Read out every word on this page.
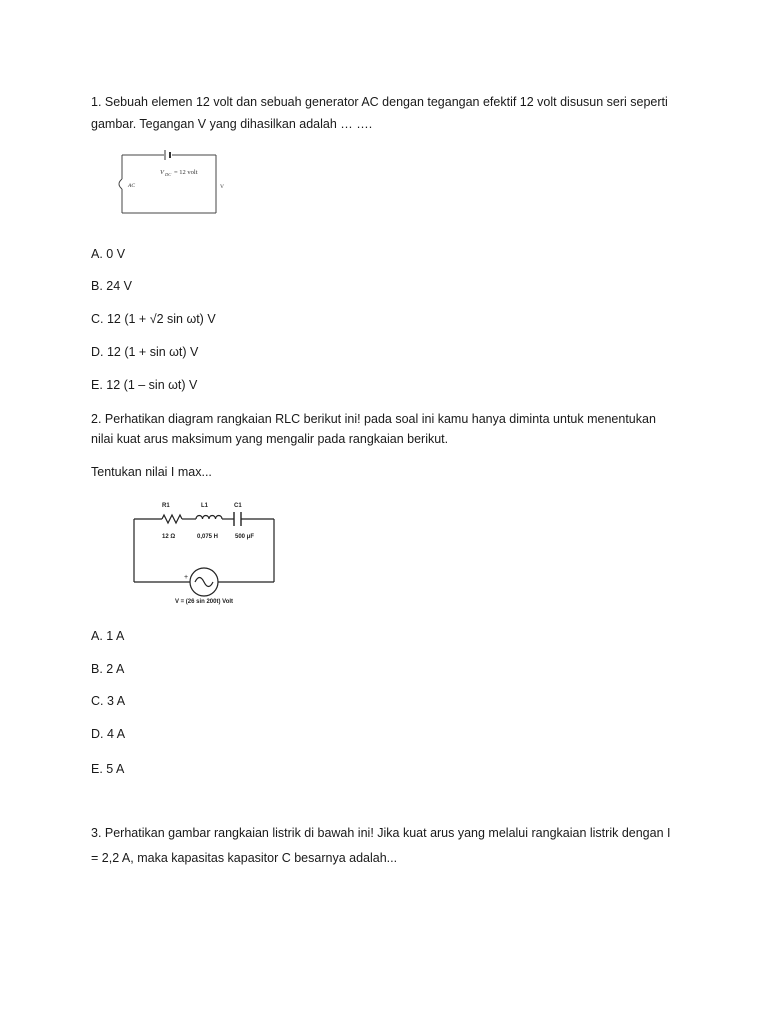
1. Sebuah elemen 12 volt dan sebuah generator AC dengan tegangan efektif 12 volt disusun seri seperti
gambar. Tegangan V yang dihasilkan adalah … ….
V DC = 12 volt
AC	V
A. 0 V
B. 24 V
C. 12 (1 + √2 sin ωt) V
D. 12 (1 + sin ωt) V
E. 12 (1 – sin ωt) V
2. Perhatikan diagram rangkaian RLC berikut ini! pada soal ini kamu hanya diminta untuk menentukan
nilai kuat arus maksimum yang mengalir pada rangkaian berikut.
Tentukan nilai I max...
+
R1	L1	C1
12 Ω	0,075 H	500 μF
V = (26 sin 200t) Volt
A. 1 A
B. 2 A
C. 3 A
D. 4 A
E. 5 A
3. Perhatikan gambar rangkaian listrik di bawah ini! Jika kuat arus yang melalui rangkaian listrik dengan I
= 2,2 A, maka kapasitas kapasitor C besarnya adalah...
